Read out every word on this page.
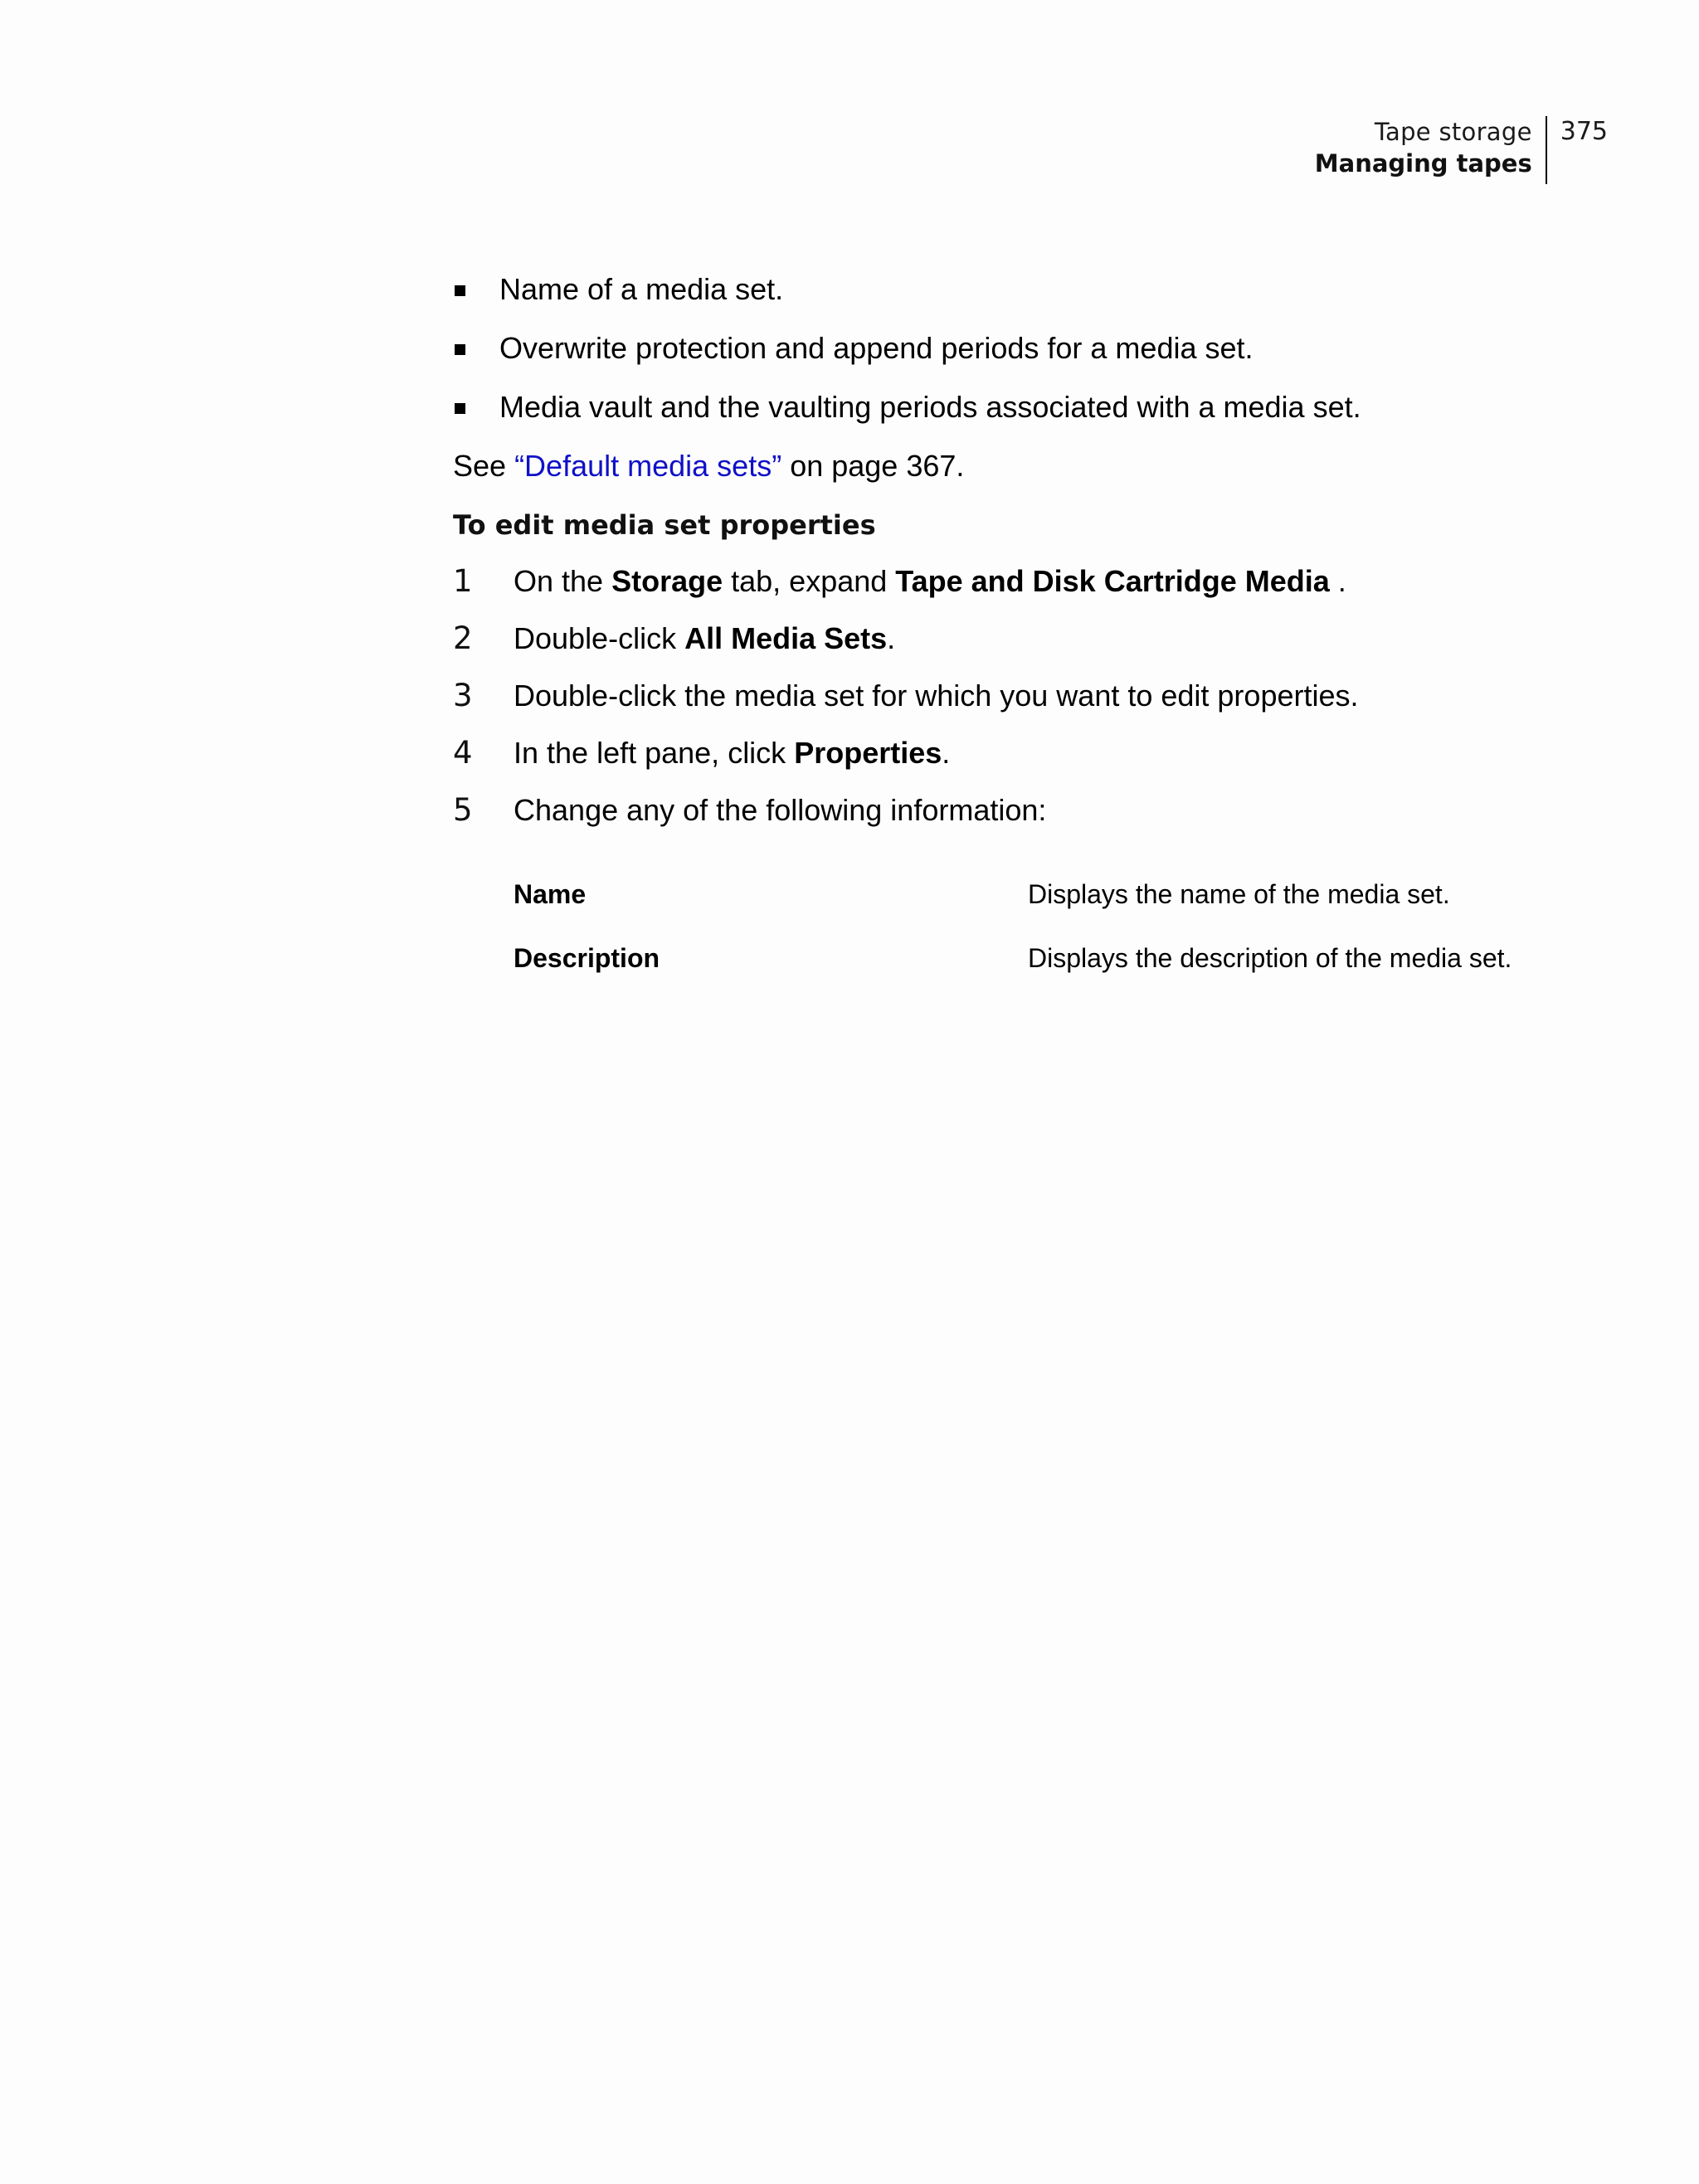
Tape storage
Managing tapes
375
Name of a media set.
Overwrite protection and append periods for a media set.
Media vault and the vaulting periods associated with a media set.

See “Default media sets” on page 367.

To edit media set properties
1 On the Storage tab, expand Tape and Disk Cartridge Media .
2 Double-click All Media Sets.
3 Double-click the media set for which you want to edit properties.
4 In the left pane, click Properties.
5 Change any of the following information:
Name	Displays the name of the media set.
Description	Displays the description of the media set.
